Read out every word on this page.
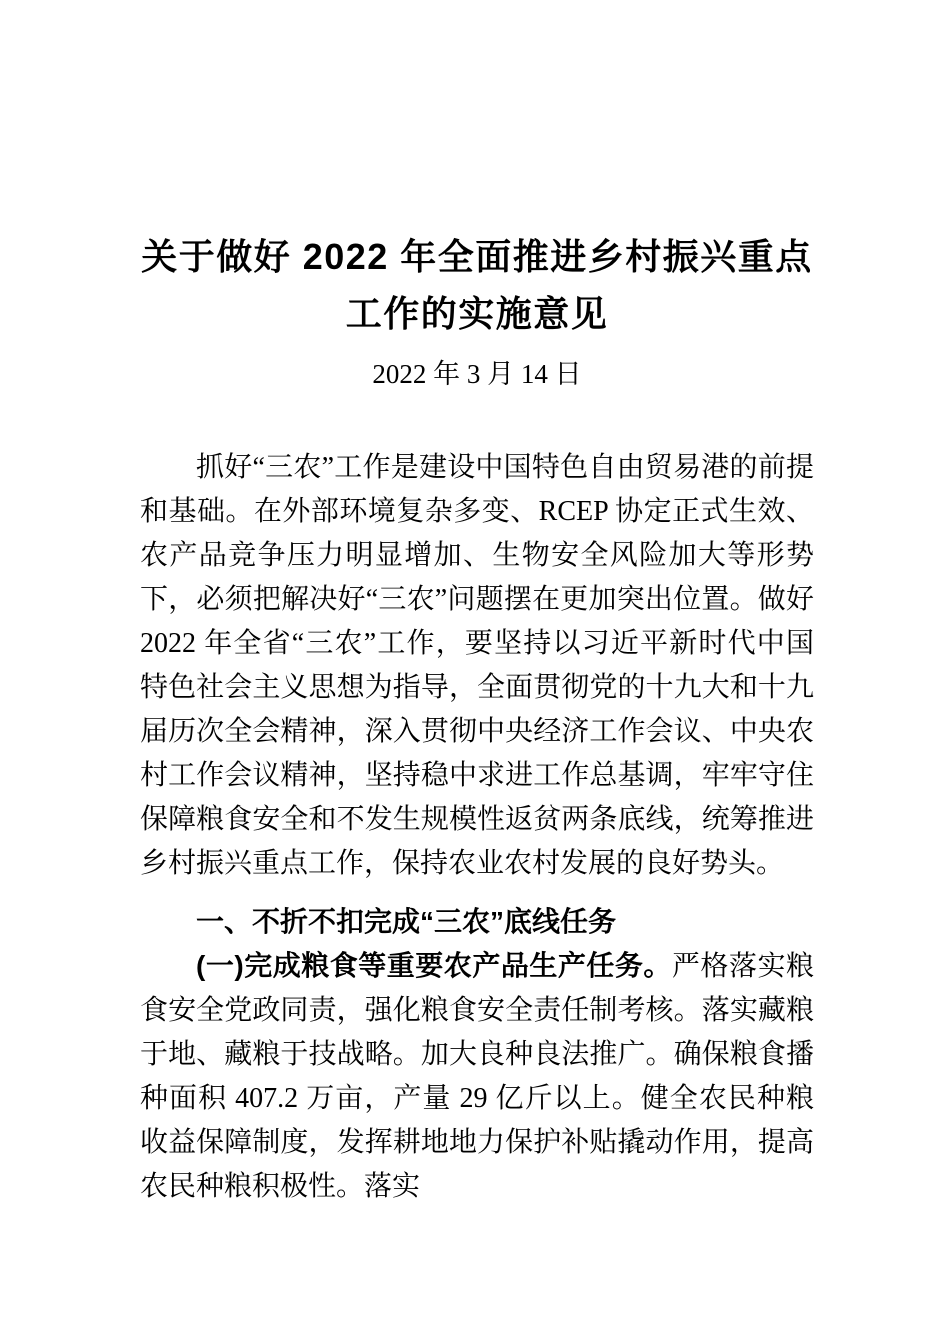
关于做好 2022 年全面推进乡村振兴重点工作的实施意见
2022 年 3 月 14 日

抓好“三农”工作是建设中国特色自由贸易港的前提和基础。在外部环境复杂多变、RCEP 协定正式生效、农产品竞争压力明显增加、生物安全风险加大等形势下，必须把解决好“三农”问题摆在更加突出位置。做好 2022 年全省“三农”工作，要坚持以习近平新时代中国特色社会主义思想为指导，全面贯彻党的十九大和十九届历次全会精神，深入贯彻中央经济工作会议、中央农村工作会议精神，坚持稳中求进工作总基调，牢牢守住保障粮食安全和不发生规模性返贫两条底线，统筹推进乡村振兴重点工作，保持农业农村发展的良好势头。

一、不折不扣完成“三农”底线任务

(一)完成粮食等重要农产品生产任务。严格落实粮食安全党政同责，强化粮食安全责任制考核。落实藏粮于地、藏粮于技战略。加大良种良法推广。确保粮食播种面积 407.2 万亩，产量 29 亿斤以上。健全农民种粮收益保障制度，发挥耕地地力保护补贴撬动作用，提高农民种粮积极性。落实
